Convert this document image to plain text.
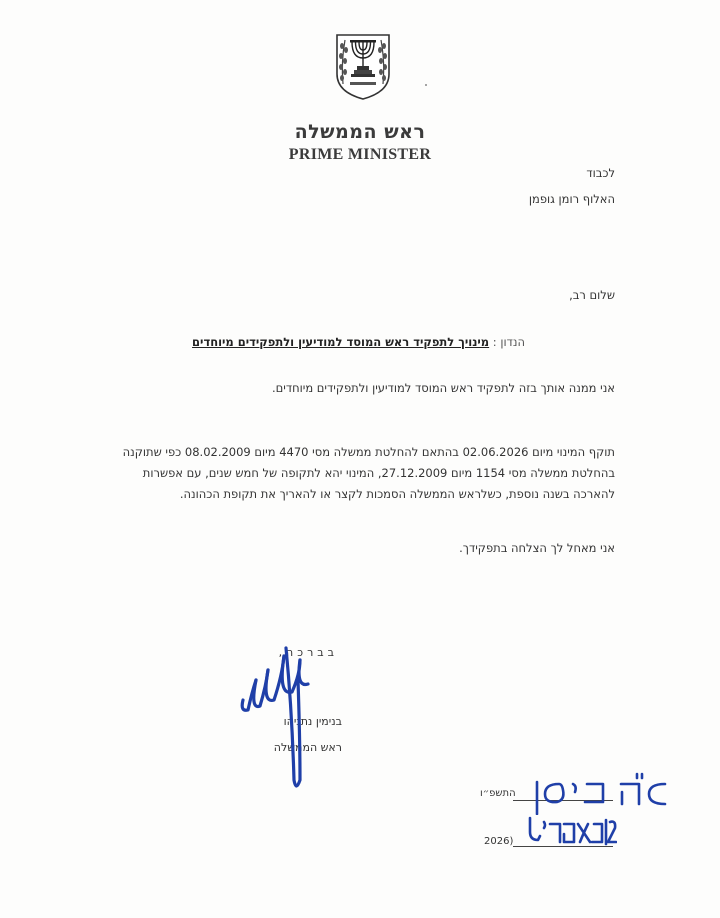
ראש הממשלה
PRIME MINISTER
לכבוד
האלוף רומן גופמן
שלום רב,
הנדון : מינויך לתפקיד ראש המוסד למודיעין ולתפקידים מיוחדים
אני ממנה אותך בזה לתפקיד ראש המוסד למודיעין ולתפקידים מיוחדים.
תוקף המינוי מיום 02.06.2026 בהתאם להחלטת ממשלה מסי 4470 מיום 08.02.2009 כפי שתוקנה
בהחלטת ממשלה מסי 1154 מיום 27.12.2009, המינוי יהא לתקופה של חמש שנים, עם אפשרות
להארכה בשנה נוספת, כשלראש הממשלה הסמכות לקצר או להאריך את תקופת הכהונה.
אני מאחל לך הצלחה בתפקידך.
בברכה,
בנימין נתניהו
ראש הממשלה
התשפ״ו
(2026
